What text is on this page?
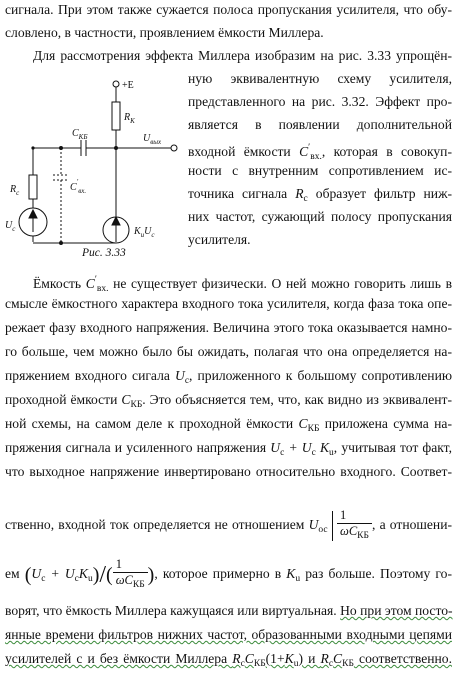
сигнала. При этом также сужается полоса пропускания усилителя, что обу-
словлено, в частности, проявлением ёмкости Миллера.
Для рассмотрения эффекта Миллера изобразим на рис. 3.33 упрощён-
+E
$R_K$
$C_{КБ}$	$U_{вых}$
$R_c$
$U_c$
$C'_{вх.}$
$K_uU_c$
Рис. 3.33
ную эквивалентную схему усилителя,
представленного на рис. 3.32. Эффект про-
является в появлении дополнительной
входной ёмкости $C'_{вх.}$, которая в совокуп-
ности с внутренним сопротивлением ис-
точника сигнала $R_с$ образует фильтр ниж-
них частот, сужающий полосу пропускания
усилителя.
Ёмкость $C'_{вх.}$ не существует физически. О ней можно говорить лишь в
смысле ёмкостного характера входного тока усилителя, когда фаза тока опе-
режает фазу входного напряжения. Величина этого тока оказывается намно-
го больше, чем можно было бы ожидать, полагая что она определяется на-
пряжением входного сигала $U_с$, приложенного к большому сопротивлению
проходной ёмкости $C_{КБ}$. Это объясняется тем, что, как видно из эквивалент-
ной схемы, на самом деле к проходной ёмкости $C_{КБ}$ приложена сумма на-
пряжения сигнала и усиленного напряжения $U_с + U_с$ $K_u$, учитывая тот факт,
что выходное напряжение инвертировано относительно входного. Соответ-
ственно, входной ток определяется не отношением $U_{ос} \frac{1}{\omega C_{КБ}}$ , а отношени-
ем $(U_с + U_сK_u)/( \frac{1}{\omega C_{КБ}}$ ), которое примерно в $K_u$ раз больше. Поэтому го-
ворят, что ёмкость Миллера кажущаяся или виртуальная. Но при этом посто-
янные времени фильтров нижних частот, образованными входными цепями
усилителей с и без ёмкости Миллера $R_сC_{КБ}(1+K_u)$ и $R_сC_{КБ}$ соответственно.
